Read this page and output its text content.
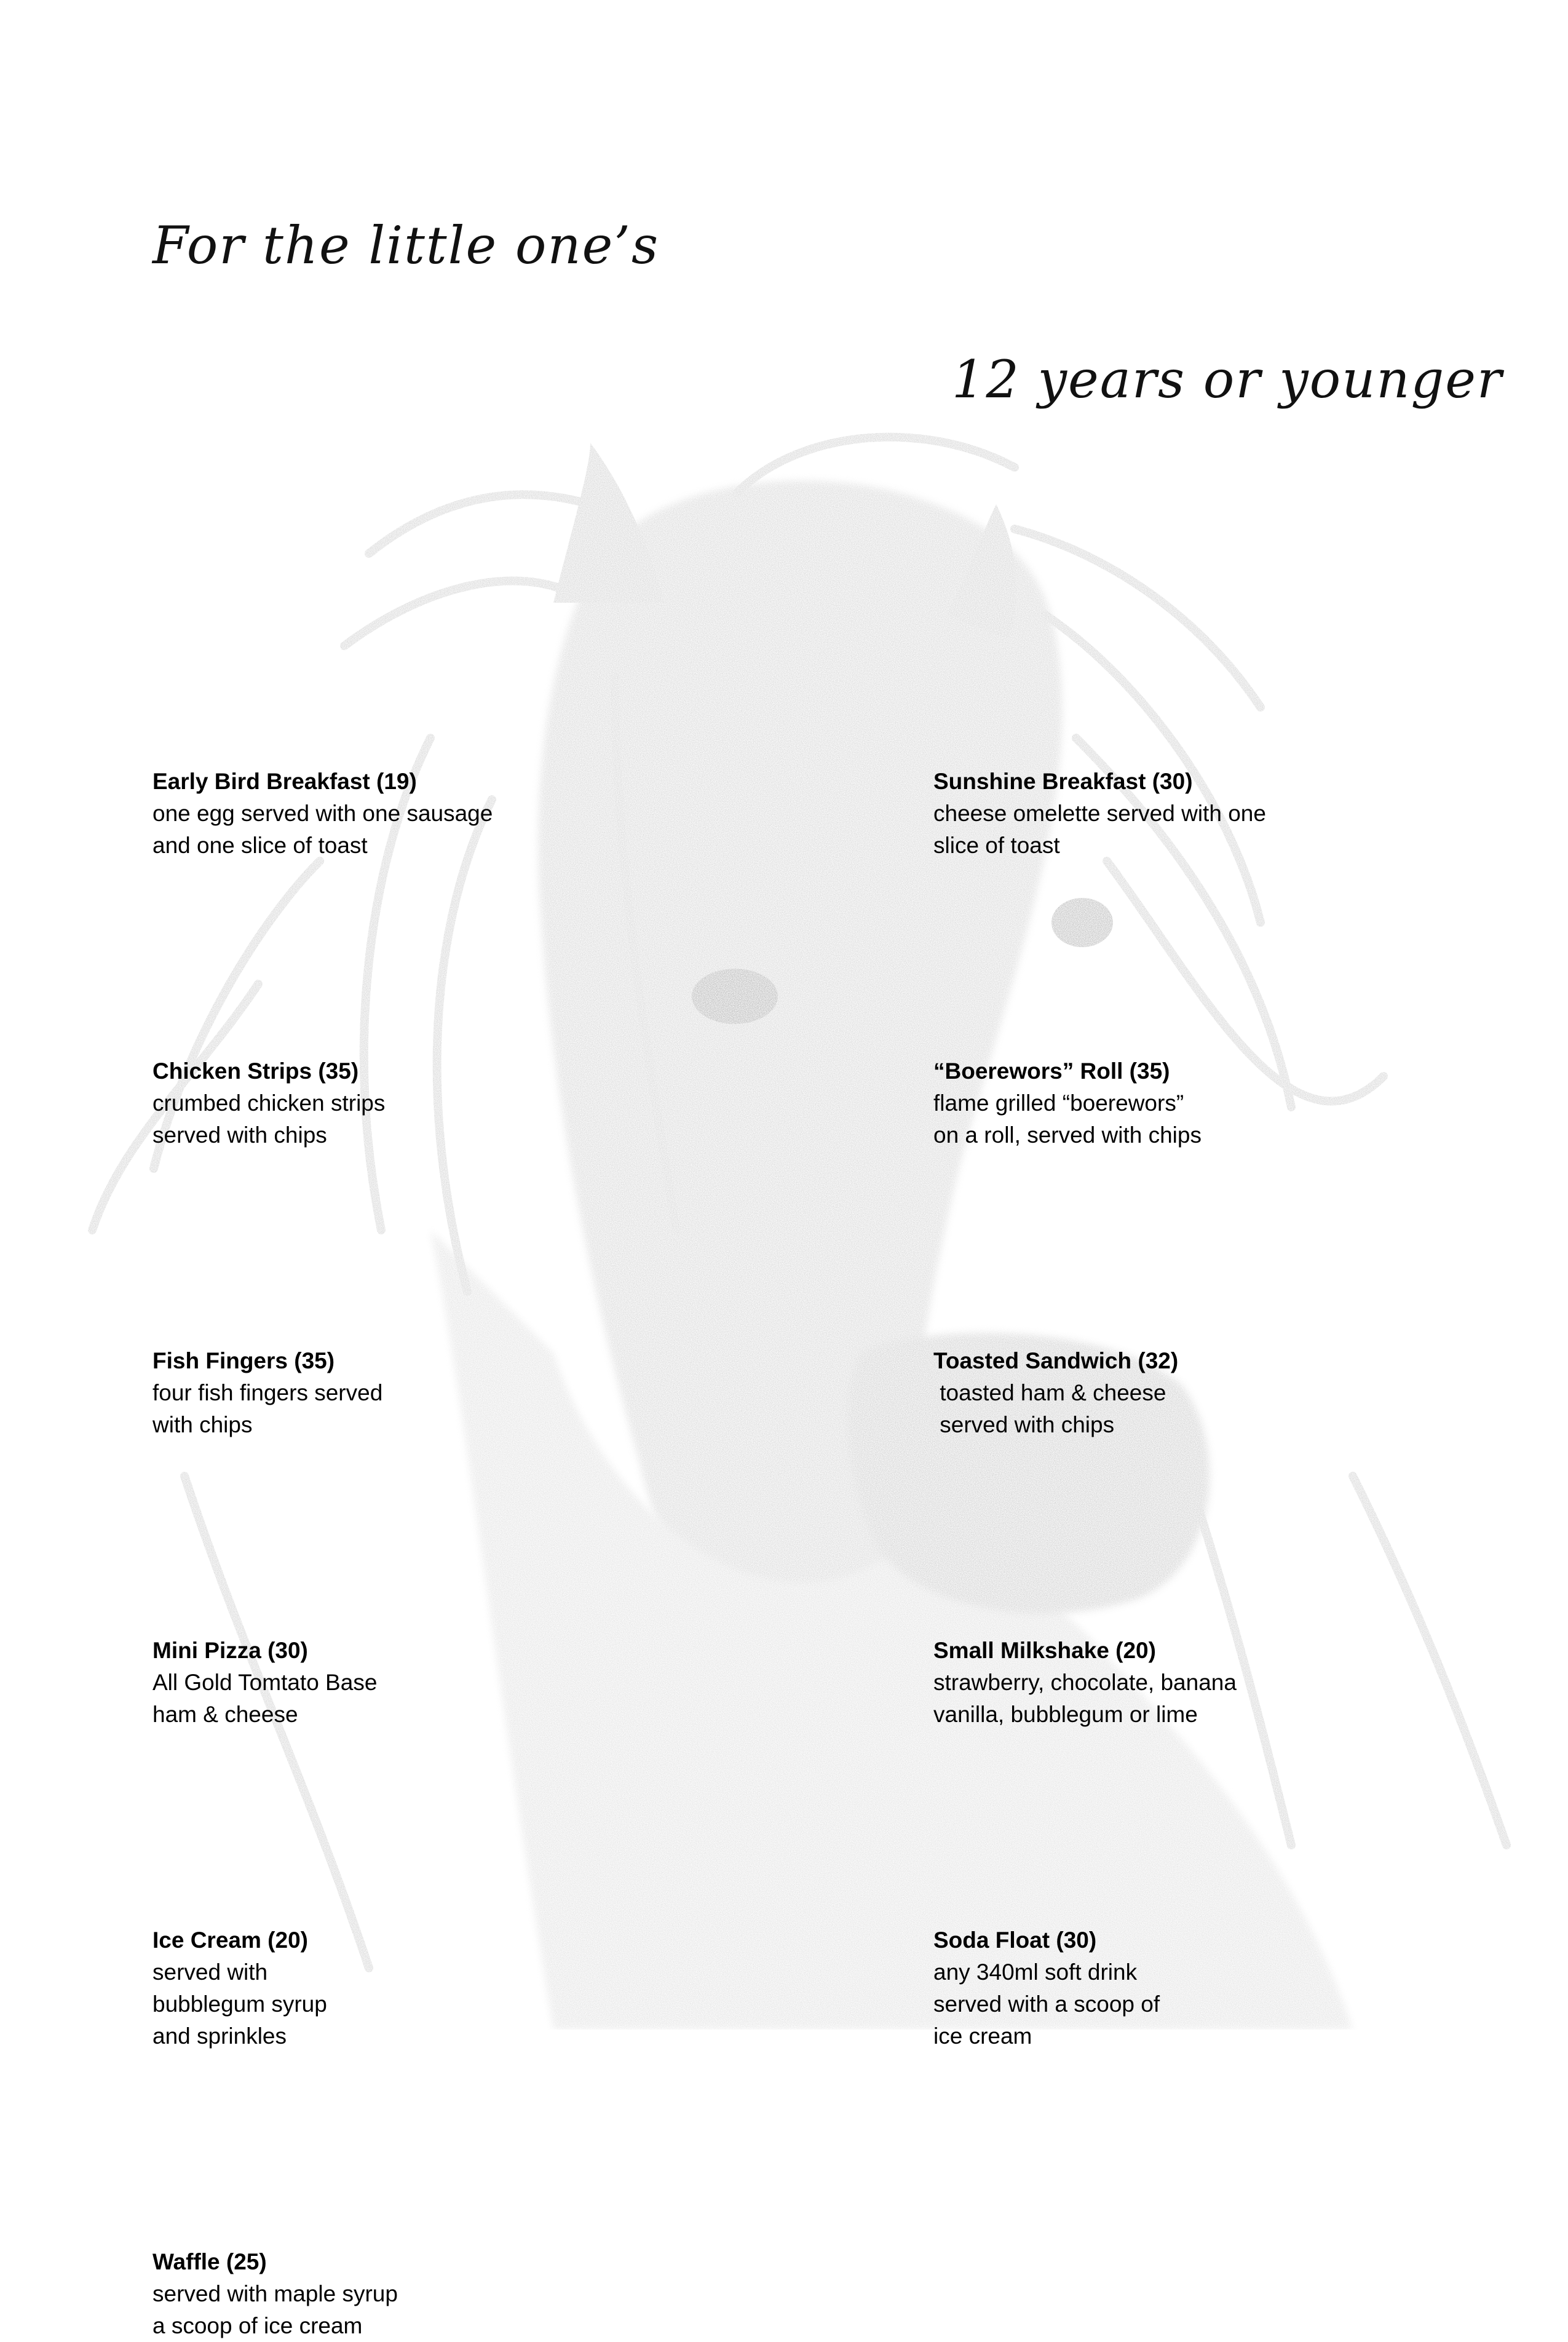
For the little one’s
12 years or younger
Early Bird Breakfast (19)
one egg served with one sausage
and one slice of toast
Chicken Strips (35)
crumbed chicken strips
served with chips
Fish Fingers (35)
four fish fingers served
with chips
Mini Pizza (30)
All Gold Tomtato Base
ham & cheese
Ice Cream (20)
served with
bubblegum syrup
and sprinkles
Waffle (25)
served with maple syrup
a scoop of ice cream
Sunshine Breakfast (30)
cheese omelette served with one
slice of toast
“Boerewors” Roll (35)
flame grilled “boerewors”
on a roll, served with chips
Toasted Sandwich (32)
toasted ham & cheese
served with chips
Small Milkshake (20)
strawberry, chocolate, banana
vanilla, bubblegum or lime
Soda Float (30)
any 340ml soft drink
served with a scoop of
ice cream
